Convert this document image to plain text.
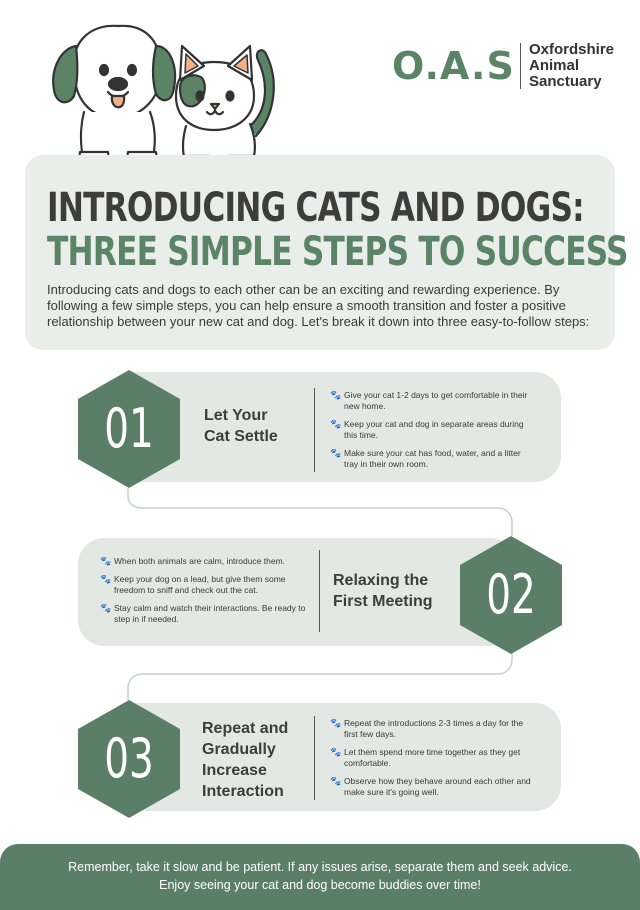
O.A.S Oxfordshire
Animal
Sanctuary
INTRODUCING CATS AND DOGS:
THREE SIMPLE STEPS TO SUCCESS

Introducing cats and dogs to each other can be an exciting and rewarding experience. By following a few simple steps, you can help ensure a smooth transition and foster a positive relationship between your new cat and dog. Let's break it down into three easy-to-follow steps:

01	Let Your
Cat Settle
🐾 Give your cat 1-2 days to get comfortable in their new home.
🐾 Keep your cat and dog in separate areas during this time.
🐾 Make sure your cat has food, water, and a litter tray in their own room.
02
🐾 When both animals are calm, introduce them.
🐾 Keep your dog on a lead, but give them some freedom to sniff and check out the cat.
🐾 Stay calm and watch their interactions. Be ready to step in if needed.
Relaxing the
First Meeting
03	Repeat and
Gradually
Increase
Interaction
🐾 Repeat the introductions 2-3 times a day for the first few days.
🐾 Let them spend more time together as they get comfortable.
🐾 Observe how they behave around each other and make sure it's going well.
Remember, take it slow and be patient. If any issues arise, separate them and seek advice.
Enjoy seeing your cat and dog become buddies over time!
